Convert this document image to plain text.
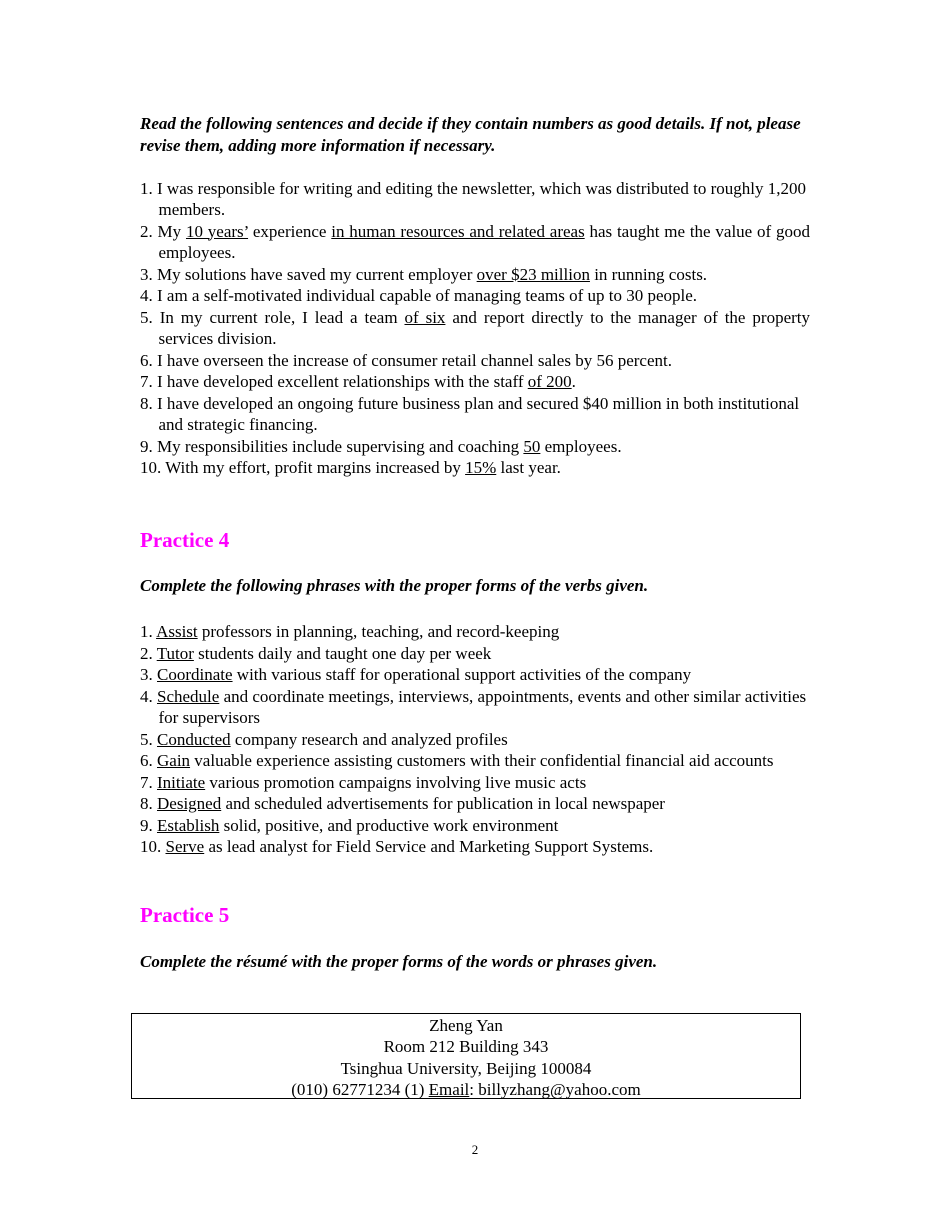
Read the following sentences and decide if they contain numbers as good details. If not, please revise them, adding more information if necessary.

1. I was responsible for writing and editing the newsletter, which was distributed to roughly 1,200 members.
2. My 10 years’ experience in human resources and related areas has taught me the value of good employees.
3. My solutions have saved my current employer over $23 million in running costs.
4. I am a self-motivated individual capable of managing teams of up to 30 people.
5. In my current role, I lead a team of six and report directly to the manager of the property services division.
6. I have overseen the increase of consumer retail channel sales by 56 percent.
7. I have developed excellent relationships with the staff of 200.
8. I have developed an ongoing future business plan and secured $40 million in both institutional and strategic financing.
9. My responsibilities include supervising and coaching 50 employees.
10. With my effort, profit margins increased by 15% last year.
Practice 4

Complete the following phrases with the proper forms of the verbs given.

1. Assist professors in planning, teaching, and record-keeping
2. Tutor students daily and taught one day per week
3. Coordinate with various staff for operational support activities of the company
4. Schedule and coordinate meetings, interviews, appointments, events and other similar activities for supervisors
5. Conducted company research and analyzed profiles
6. Gain valuable experience assisting customers with their confidential financial aid accounts
7. Initiate various promotion campaigns involving live music acts
8. Designed and scheduled advertisements for publication in local newspaper
9. Establish solid, positive, and productive work environment
10. Serve as lead analyst for Field Service and Marketing Support Systems.
Practice 5

Complete the résumé with the proper forms of the words or phrases given.

Zheng Yan
Room 212 Building 343
Tsinghua University, Beijing 100084
(010) 62771234 (1) Email: billyzhang@yahoo.com
2
